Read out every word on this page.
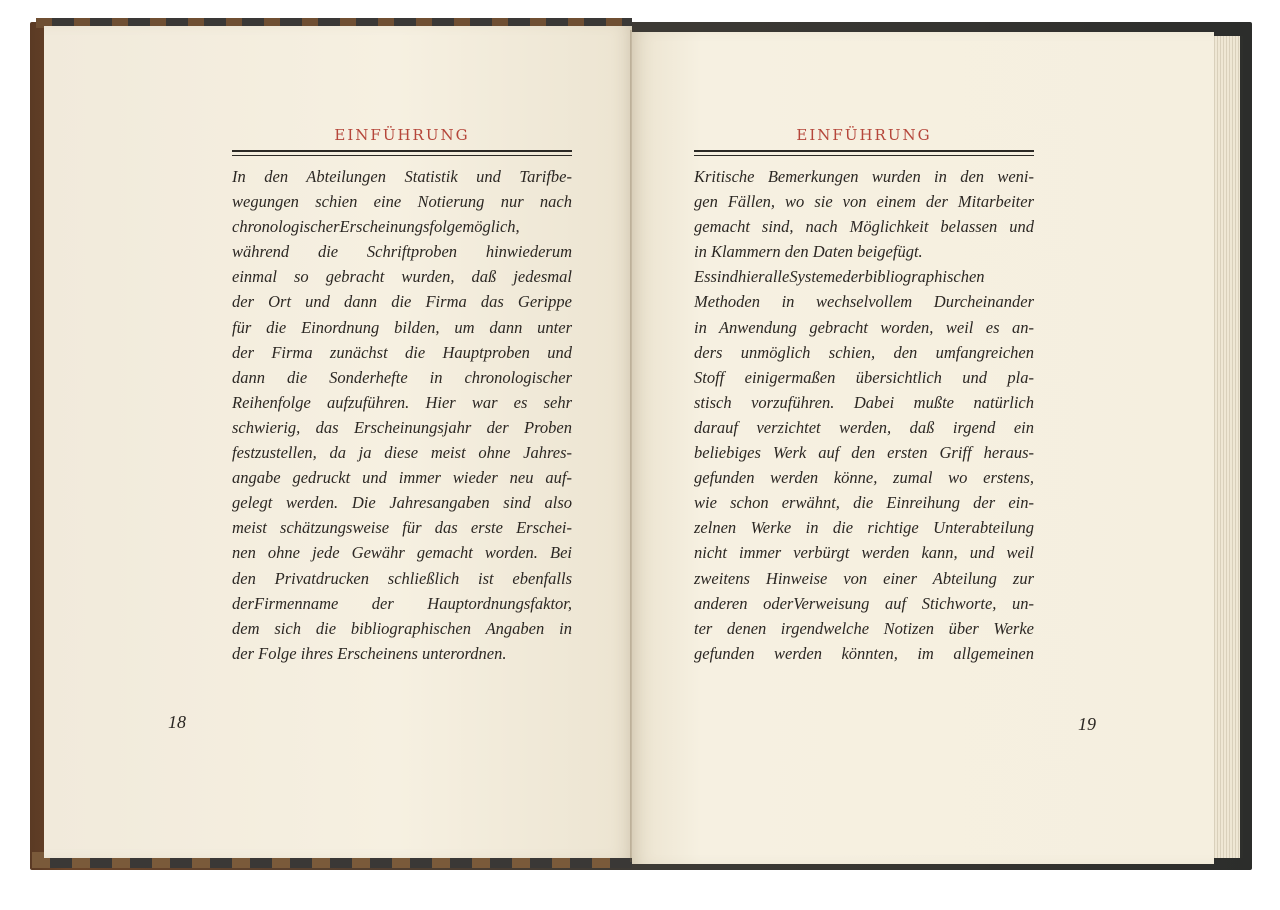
EINFÜHRUNG
In den Abteilungen Statistik und Tarifbe-
wegungen schien eine Notierung nur nach
chronologischerErscheinungsfolgemöglich,
während die Schriftproben hinwiederum
einmal so gebracht wurden, daß jedesmal
der Ort und dann die Firma das Gerippe
für die Einordnung bilden, um dann unter
der Firma zunächst die Hauptproben und
dann die Sonderhefte in chronologischer
Reihenfolge aufzuführen. Hier war es sehr
schwierig, das Erscheinungsjahr der Proben
festzustellen, da ja diese meist ohne Jahres-
angabe gedruckt und immer wieder neu auf-
gelegt werden. Die Jahresangaben sind also
meist schätzungsweise für das erste Erschei-
nen ohne jede Gewähr gemacht worden. Bei
den Privatdrucken schließlich ist ebenfalls
derFirmenname der Hauptordnungsfaktor,
dem sich die bibliographischen Angaben in
der Folge ihres Erscheinens unterordnen.
18
EINFÜHRUNG
Kritische Bemerkungen wurden in den weni-
gen Fällen, wo sie von einem der Mitarbeiter
gemacht sind, nach Möglichkeit belassen und
in Klammern den Daten beigefügt.
EssindhieralleSystemederbibliographischen
Methoden in wechselvollem Durcheinander
in Anwendung gebracht worden, weil es an-
ders unmöglich schien, den umfangreichen
Stoff einigermaßen übersichtlich und pla-
stisch vorzuführen. Dabei mußte natürlich
darauf verzichtet werden, daß irgend ein
beliebiges Werk auf den ersten Griff heraus-
gefunden werden könne, zumal wo erstens,
wie schon erwähnt, die Einreihung der ein-
zelnen Werke in die richtige Unterabteilung
nicht immer verbürgt werden kann, und weil
zweitens Hinweise von einer Abteilung zur
anderen oderVerweisung auf Stichworte, un-
ter denen irgendwelche Notizen über Werke
gefunden werden könnten, im allgemeinen
19
